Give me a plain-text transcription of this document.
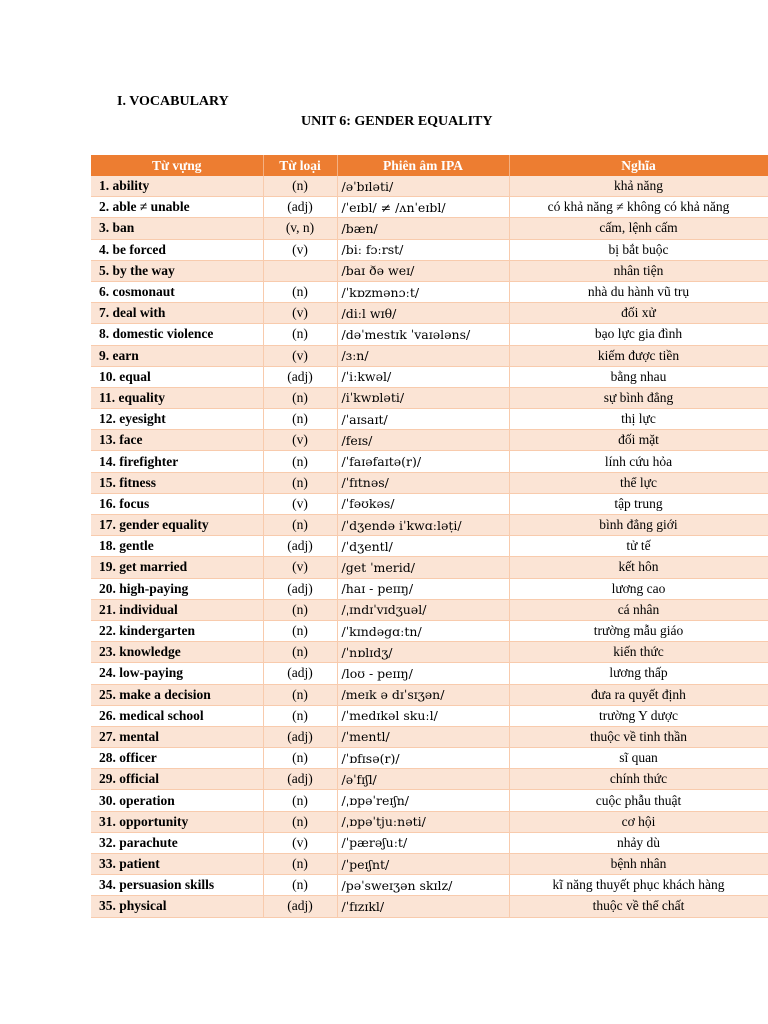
I. VOCABULARY
UNIT 6: GENDER EQUALITY
Từ vựng	Từ loại	Phiên âm IPA	Nghĩa
1. ability	(n)	/əˈbɪləti/	khả năng
2. able ≠ unable	(adj)	/ˈeɪbl/ ≠ /ʌnˈeɪbl/	có khả năng ≠ không có khả năng
3. ban	(v, n)	/bæn/	cấm, lệnh cấm
4. be forced	(v)	/biː fɔːrst/	bị bắt buộc
5. by the way		/baɪ ðə weɪ/	nhân tiện
6. cosmonaut	(n)	/ˈkɒzmənɔːt/	nhà du hành vũ trụ
7. deal with	(v)	/diːl wɪθ/	đối xử
8. domestic violence	(n)	/dəˈmestɪk ˈvaɪələns/	bạo lực gia đình
9. earn	(v)	/ɜːn/	kiếm được tiền
10. equal	(adj)	/ˈiːkwəl/	bằng nhau
11. equality	(n)	/iˈkwɒləti/	sự bình đẳng
12. eyesight	(n)	/ˈaɪsaɪt/	thị lực
13. face	(v)	/feɪs/	đối mặt
14. firefighter	(n)	/ˈfaɪəfaɪtə(r)/	lính cứu hỏa
15. fitness	(n)	/ˈfɪtnəs/	thể lực
16. focus	(v)	/ˈfəʊkəs/	tập trung
17. gender equality	(n)	/ˈdʒendə iˈkwɑːləṭi/	bình đẳng giới
18. gentle	(adj)	/ˈdʒentl/	tử tế
19. get married	(v)	/get ˈmerid/	kết hôn
20. high-paying	(adj)	/haɪ - peɪɪŋ/	lương cao
21. individual	(n)	/ˌɪndɪˈvɪdʒuəl/	cá nhân
22. kindergarten	(n)	/ˈkɪndəgɑːtn/	trường mẫu giáo
23. knowledge	(n)	/ˈnɒlɪdʒ/	kiến thức
24. low-paying	(adj)	/loʊ - peɪɪŋ/	lương thấp
25. make a decision	(n)	/meɪk ə dɪˈsɪʒən/	đưa ra quyết định
26. medical school	(n)	/ˈmedɪkəl skuːl/	trường Y dược
27. mental	(adj)	/ˈmentl/	thuộc về tinh thần
28. officer	(n)	/ˈɒfɪsə(r)/	sĩ quan
29. official	(adj)	/əˈfɪʃl/	chính thức
30. operation	(n)	/ˌɒpəˈreɪʃn/	cuộc phẫu thuật
31. opportunity	(n)	/ˌɒpəˈtjuːnəti/	cơ hội
32. parachute	(v)	/ˈpærəʃuːt/	nhảy dù
33. patient	(n)	/ˈpeɪʃnt/	bệnh nhân
34. persuasion skills	(n)	/pəˈsweɪʒən skɪlz/	kĩ năng thuyết phục khách hàng
35. physical	(adj)	/ˈfɪzɪkl/	thuộc về thể chất
